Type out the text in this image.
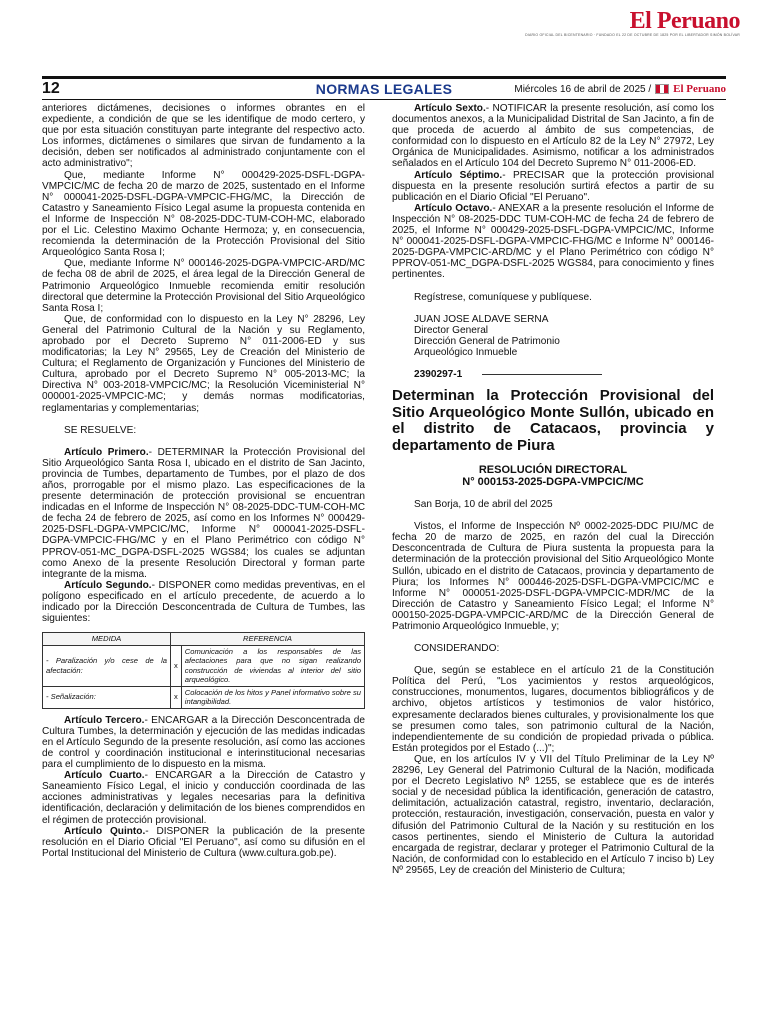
El Peruano
DIARIO OFICIAL DEL BICENTENARIO · FUNDADO EL 22 DE OCTUBRE DE 1825 POR EL LIBERTADOR SIMÓN BOLÍVAR
12	NORMAS LEGALES	Miércoles 16 de abril de 2025 / El Peruano

anteriores dictámenes, decisiones o informes obrantes en el expediente, a condición de que se les identifique de modo certero, y que por esta situación constituyan parte integrante del respectivo acto. Los informes, dictámenes o similares que sirvan de fundamento a la decisión, deben ser notificados al administrado conjuntamente con el acto administrativo";

Que, mediante Informe N° 000429-2025-DSFL-DGPA-VMPCIC/MC de fecha 20 de marzo de 2025, sustentado en el Informe N° 000041-2025-DSFL-DGPA-VMPCIC-FHG/MC, la Dirección de Catastro y Saneamiento Físico Legal asume la propuesta contenida en el Informe de Inspección N° 08-2025-DDC-TUM-COH-MC, elaborado por el Lic. Celestino Maximo Ochante Hermoza; y, en consecuencia, recomienda la determinación de la Protección Provisional del Sitio Arqueológico Santa Rosa I;

Que, mediante Informe N° 000146-2025-DGPA-VMPCIC-ARD/MC de fecha 08 de abril de 2025, el área legal de la Dirección General de Patrimonio Arqueológico Inmueble recomienda emitir resolución directoral que determine la Protección Provisional del Sitio Arqueológico Santa Rosa I;

Que, de conformidad con lo dispuesto en la Ley N° 28296, Ley General del Patrimonio Cultural de la Nación y su Reglamento, aprobado por el Decreto Supremo N° 011-2006-ED y sus modificatorias; la Ley N° 29565, Ley de Creación del Ministerio de Cultura; el Reglamento de Organización y Funciones del Ministerio de Cultura, aprobado por el Decreto Supremo N° 005-2013-MC; la Directiva N° 003-2018-VMPCIC/MC; la Resolución Viceministerial N° 000001-2025-VMPCIC-MC; y demás normas modificatorias, reglamentarias y complementarias;

SE RESUELVE:

Artículo Primero.- DETERMINAR la Protección Provisional del Sitio Arqueológico Santa Rosa I, ubicado en el distrito de San Jacinto, provincia de Tumbes, departamento de Tumbes, por el plazo de dos años, prorrogable por el mismo plazo. Las especificaciones de la presente determinación de protección provisional se encuentran indicadas en el Informe de Inspección N° 08-2025-DDC-TUM-COH-MC de fecha 24 de febrero de 2025, así como en los Informes N° 000429-2025-DSFL-DGPA-VMPCIC/MC, Informe N° 000041-2025-DSFL-DGPA-VMPCIC-FHG/MC y en el Plano Perimétrico con código N° PPROV-051-MC_DGPA-DSFL-2025 WGS84; los cuales se adjuntan como Anexo de la presente Resolución Directoral y forman parte integrante de la misma.

Artículo Segundo.- DISPONER como medidas preventivas, en el polígono especificado en el artículo precedente, de acuerdo a lo indicado por la Dirección Desconcentrada de Cultura de Tumbes, las siguientes:

MEDIDA	REFERENCIA	
- Paralización y/o cese de la afectación:	x	Comunicación a los responsables de las afectaciones para que no sigan realizando construcción de viviendas al interior del sitio arqueológico.
- Señalización:	x	Colocación de los hitos y Panel informativo sobre su intangibilidad.

Artículo Tercero.- ENCARGAR a la Dirección Desconcentrada de Cultura Tumbes, la determinación y ejecución de las medidas indicadas en el Artículo Segundo de la presente resolución, así como las acciones de control y coordinación institucional e interinstitucional necesarias para el cumplimiento de lo dispuesto en la misma.

Artículo Cuarto.- ENCARGAR a la Dirección de Catastro y Saneamiento Físico Legal, el inicio y conducción coordinada de las acciones administrativas y legales necesarias para la definitiva identificación, declaración y delimitación de los bienes comprendidos en el régimen de protección provisional.

Artículo Quinto.- DISPONER la publicación de la presente resolución en el Diario Oficial "El Peruano", así como su difusión en el Portal Institucional del Ministerio de Cultura (www.cultura.gob.pe).

Artículo Sexto.- NOTIFICAR la presente resolución, así como los documentos anexos, a la Municipalidad Distrital de San Jacinto, a fin de que proceda de acuerdo al ámbito de sus competencias, de conformidad con lo dispuesto en el Artículo 82 de la Ley N° 27972, Ley Orgánica de Municipalidades. Asimismo, notificar a los administrados señalados en el Artículo 104 del Decreto Supremo N° 011-2006-ED.

Artículo Séptimo.- PRECISAR que la protección provisional dispuesta en la presente resolución surtirá efectos a partir de su publicación en el Diario Oficial "El Peruano".

Artículo Octavo.- ANEXAR a la presente resolución el Informe de Inspección N° 08-2025-DDC TUM-COH-MC de fecha 24 de febrero de 2025, el Informe N° 000429-2025-DSFL-DGPA-VMPCIC/MC, Informe N° 000041-2025-DSFL-DGPA-VMPCIC-FHG/MC e Informe N° 000146-2025-DGPA-VMPCIC-ARD/MC y el Plano Perimétrico con código N° PPROV-051-MC_DGPA-DSFL-2025 WGS84, para conocimiento y fines pertinentes.

Regístrese, comuníquese y publíquese.

JUAN JOSE ALDAVE SERNA

Director General

Dirección General de Patrimonio

Arqueológico Inmueble

2390297-1

Determinan la Protección Provisional del Sitio Arqueológico Monte Sullón, ubicado en el distrito de Catacaos, provincia y departamento de Piura
RESOLUCIÓN DIRECTORAL
N° 000153-2025-DGPA-VMPCIC/MC

San Borja, 10 de abril del 2025

Vistos, el Informe de Inspección Nº 0002-2025-DDC PIU/MC de fecha 20 de marzo de 2025, en razón del cual la Dirección Desconcentrada de Cultura de Piura sustenta la propuesta para la determinación de la protección provisional del Sitio Arqueológico Monte Sullón, ubicado en el distrito de Catacaos, provincia y departamento de Piura; los Informes N° 000446-2025-DSFL-DGPA-VMPCIC/MC e Informe N° 000051-2025-DSFL-DGPA-VMPCIC-MDR/MC de la Dirección de Catastro y Saneamiento Físico Legal; el Informe N° 000150-2025-DGPA-VMPCIC-ARD/MC de la Dirección General de Patrimonio Arqueológico Inmueble, y;

CONSIDERANDO:

Que, según se establece en el artículo 21 de la Constitución Política del Perú, "Los yacimientos y restos arqueológicos, construcciones, monumentos, lugares, documentos bibliográficos y de archivo, objetos artísticos y testimonios de valor histórico, expresamente declarados bienes culturales, y provisionalmente los que se presumen como tales, son patrimonio cultural de la Nación, independientemente de su condición de propiedad privada o pública. Están protegidos por el Estado (...)";

Que, en los artículos IV y VII del Título Preliminar de la Ley Nº 28296, Ley General del Patrimonio Cultural de la Nación, modificada por el Decreto Legislativo Nº 1255, se establece que es de interés social y de necesidad pública la identificación, generación de catastro, delimitación, actualización catastral, registro, inventario, declaración, protección, restauración, investigación, conservación, puesta en valor y difusión del Patrimonio Cultural de la Nación y su restitución en los casos pertinentes, siendo el Ministerio de Cultura la autoridad encargada de registrar, declarar y proteger el Patrimonio Cultural de la Nación, de conformidad con lo establecido en el Artículo 7 inciso b) Ley Nº 29565, Ley de creación del Ministerio de Cultura;
